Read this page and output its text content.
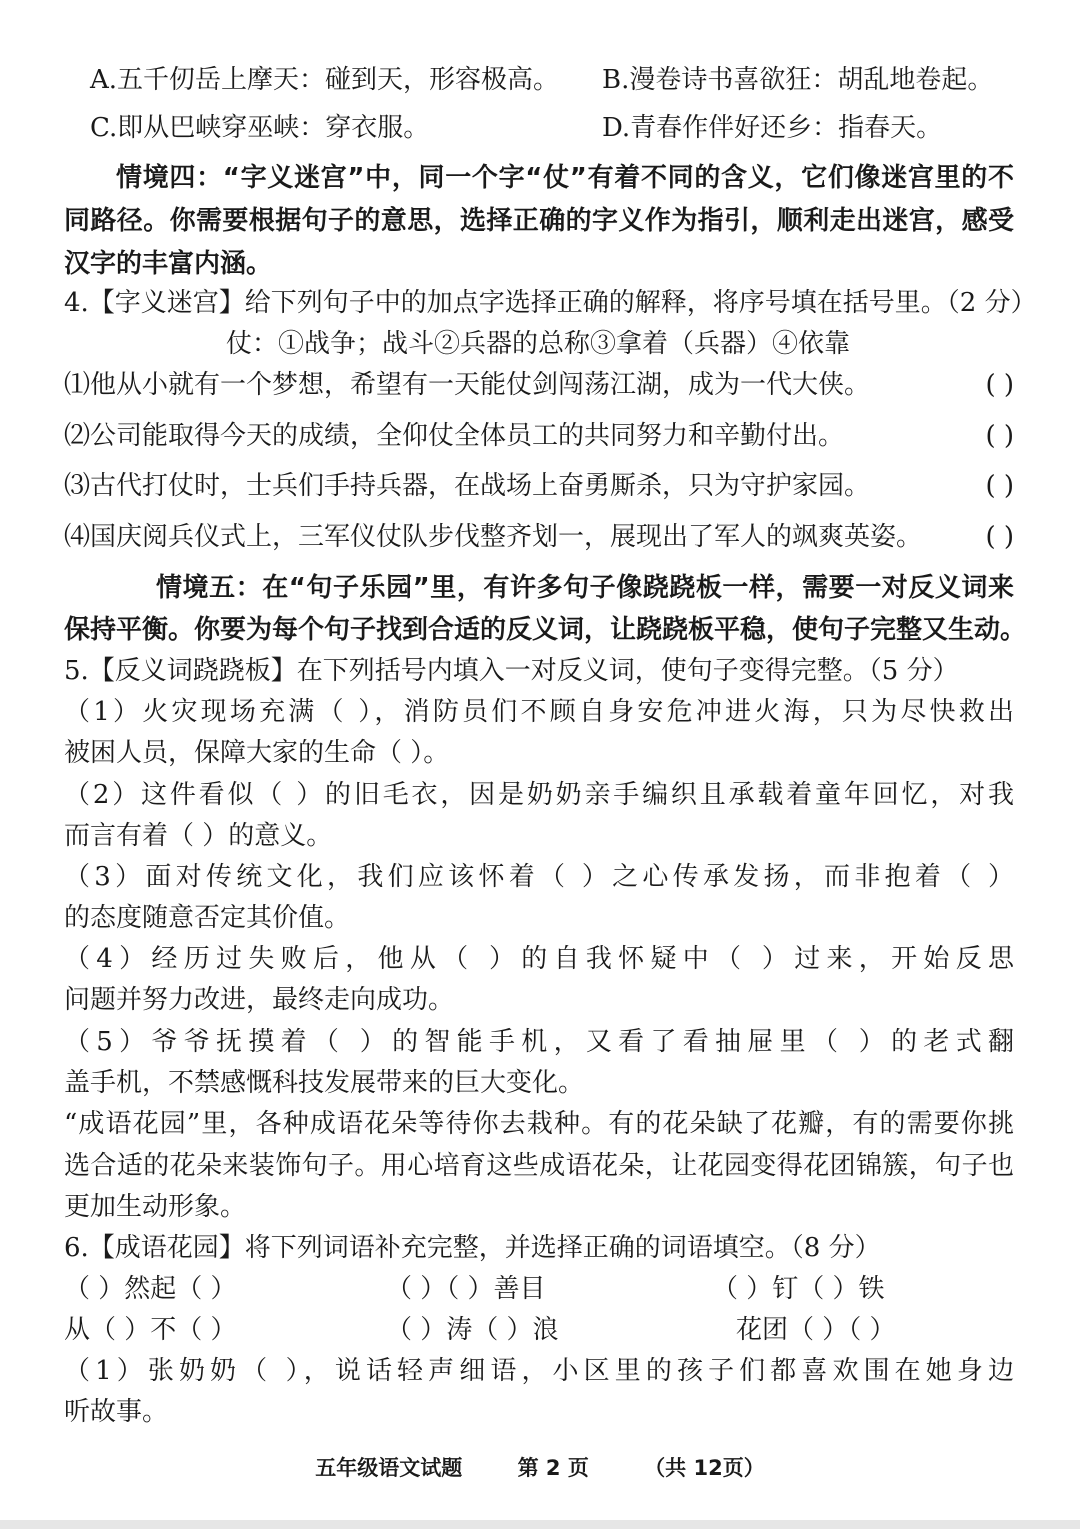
A.五千仞岳上摩天：碰到天，形容极高。 B.漫卷诗书喜欲狂：胡乱地卷起。
C.即从巴峡穿巫峡：穿衣服。	D.青春作伴好还乡：指春天。
情境四：“字义迷宫”中，同一个字“仗”有着不同的含义，它们像迷宫里的不
同路径。你需要根据句子的意思，选择正确的字义作为指引，顺利走出迷宫，感受
汉字的丰富内涵。
4.【字义迷宫】给下列句子中的加点字选择正确的解释，将序号填在括号里。（2 分）
仗：①战争；战斗②兵器的总称③拿着（兵器）④依靠
⑴他从小就有一个梦想，希望有一天能仗剑闯荡江湖，成为一代大侠。	( )
⑵公司能取得今天的成绩，全仰仗全体员工的共同努力和辛勤付出。	( )
⑶古代打仗时，士兵们手持兵器，在战场上奋勇厮杀，只为守护家园。	( )
⑷国庆阅兵仪式上，三军仪仗队步伐整齐划一，展现出了军人的飒爽英姿。 ( )
情境五：在“句子乐园”里，有许多句子像跷跷板一样，需要一对反义词来
保持平衡。你要为每个句子找到合适的反义词，让跷跷板平稳，使句子完整又生动。
5.【反义词跷跷板】在下列括号内填入一对反义词，使句子变得完整。（5 分）
（1）火灾现场充满（ ），消防员们不顾自身安危冲进火海，只为尽快救出
被困人员，保障大家的生命（ ）。
（2）这件看似（ ）的旧毛衣，因是奶奶亲手编织且承载着童年回忆，对我
而言有着（ ）的意义。
（3）面对传统文化，我们应该怀着（ ）之心传承发扬，而非抱着（ ）
的态度随意否定其价值。
（4）经历过失败后，他从（ ）的自我怀疑中（ ）过来，开始反思
问题并努力改进，最终走向成功。
（5）爷爷抚摸着（ ）的智能手机，又看了看抽屉里（ ）的老式翻
盖手机，不禁感慨科技发展带来的巨大变化。
“成语花园”里，各种成语花朵等待你去栽种。有的花朵缺了花瓣，有的需要你挑
选合适的花朵来装饰句子。用心培育这些成语花朵，让花园变得花团锦簇，句子也
更加生动形象。
6.【成语花园】将下列词语补充完整，并选择正确的词语填空。（8 分）
（ ）然起（ ）	（ ）（ ）善目	（ ）钉（ ）铁
从（ ）不（ ）	（ ）涛（ ）浪	花团（ ）（ ）
（1）张奶奶（ ），说话轻声细语，小区里的孩子们都喜欢围在她身边
听故事。
五年级语文试题	第 2 页	（共 12页）
